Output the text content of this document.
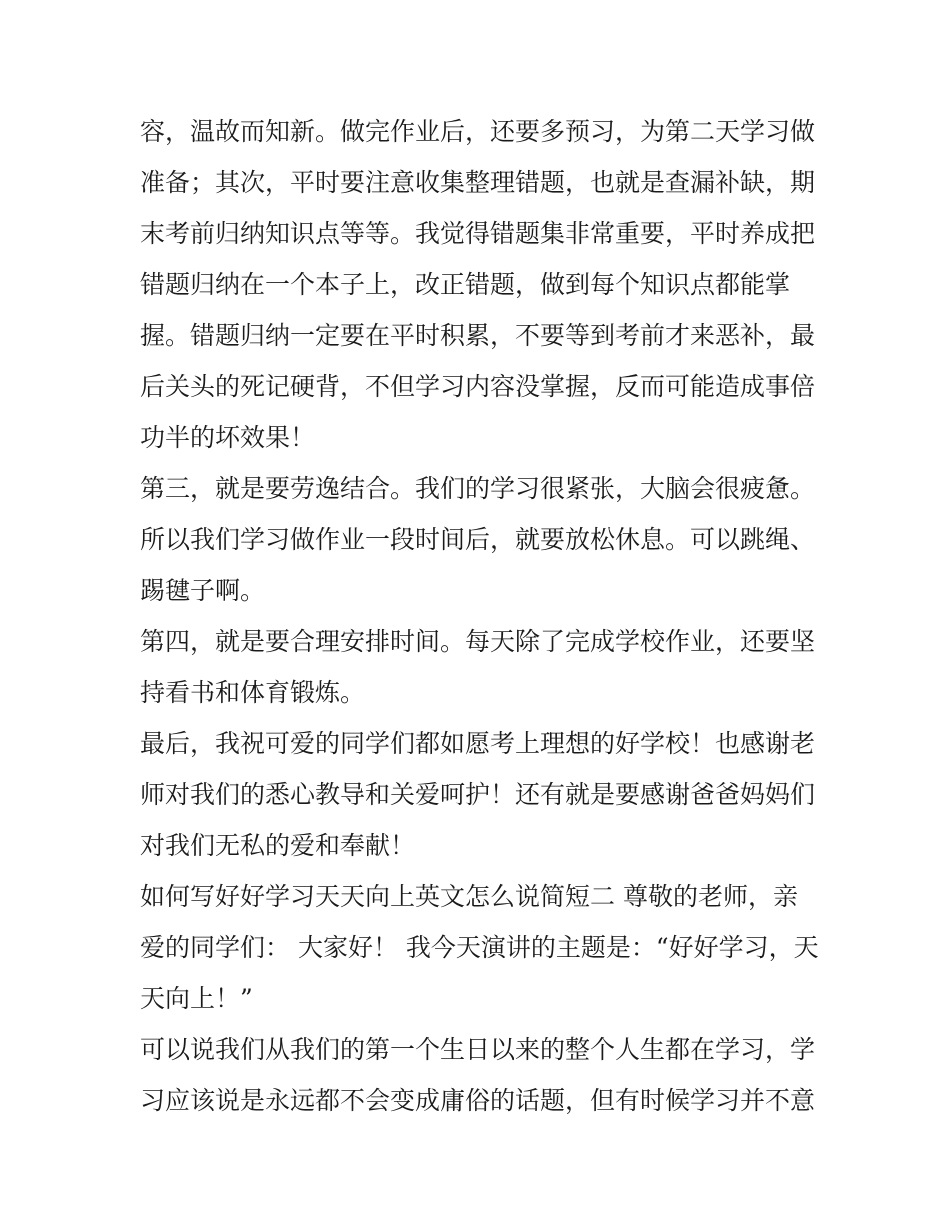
容，温故而知新。做完作业后，还要多预习，为第二天学习做
准备；其次，平时要注意收集整理错题，也就是查漏补缺，期
末考前归纳知识点等等。我觉得错题集非常重要，平时养成把
错题归纳在一个本子上，改正错题，做到每个知识点都能掌
握。错题归纳一定要在平时积累，不要等到考前才来恶补，最
后关头的死记硬背，不但学习内容没掌握，反而可能造成事倍
功半的坏效果！
第三，就是要劳逸结合。我们的学习很紧张，大脑会很疲惫。
所以我们学习做作业一段时间后，就要放松休息。可以跳绳、
踢毽子啊。
第四，就是要合理安排时间。每天除了完成学校作业，还要坚
持看书和体育锻炼。
最后，我祝可爱的同学们都如愿考上理想的好学校！也感谢老
师对我们的悉心教导和关爱呵护！还有就是要感谢爸爸妈妈们
对我们无私的爱和奉献！
如何写好好学习天天向上英文怎么说简短二 尊敬的老师，亲
爱的同学们： 大家好！ 我今天演讲的主题是：“好好学习，天
天向上！”
可以说我们从我们的第一个生日以来的整个人生都在学习，学
习应该说是永远都不会变成庸俗的话题，但有时候学习并不意
